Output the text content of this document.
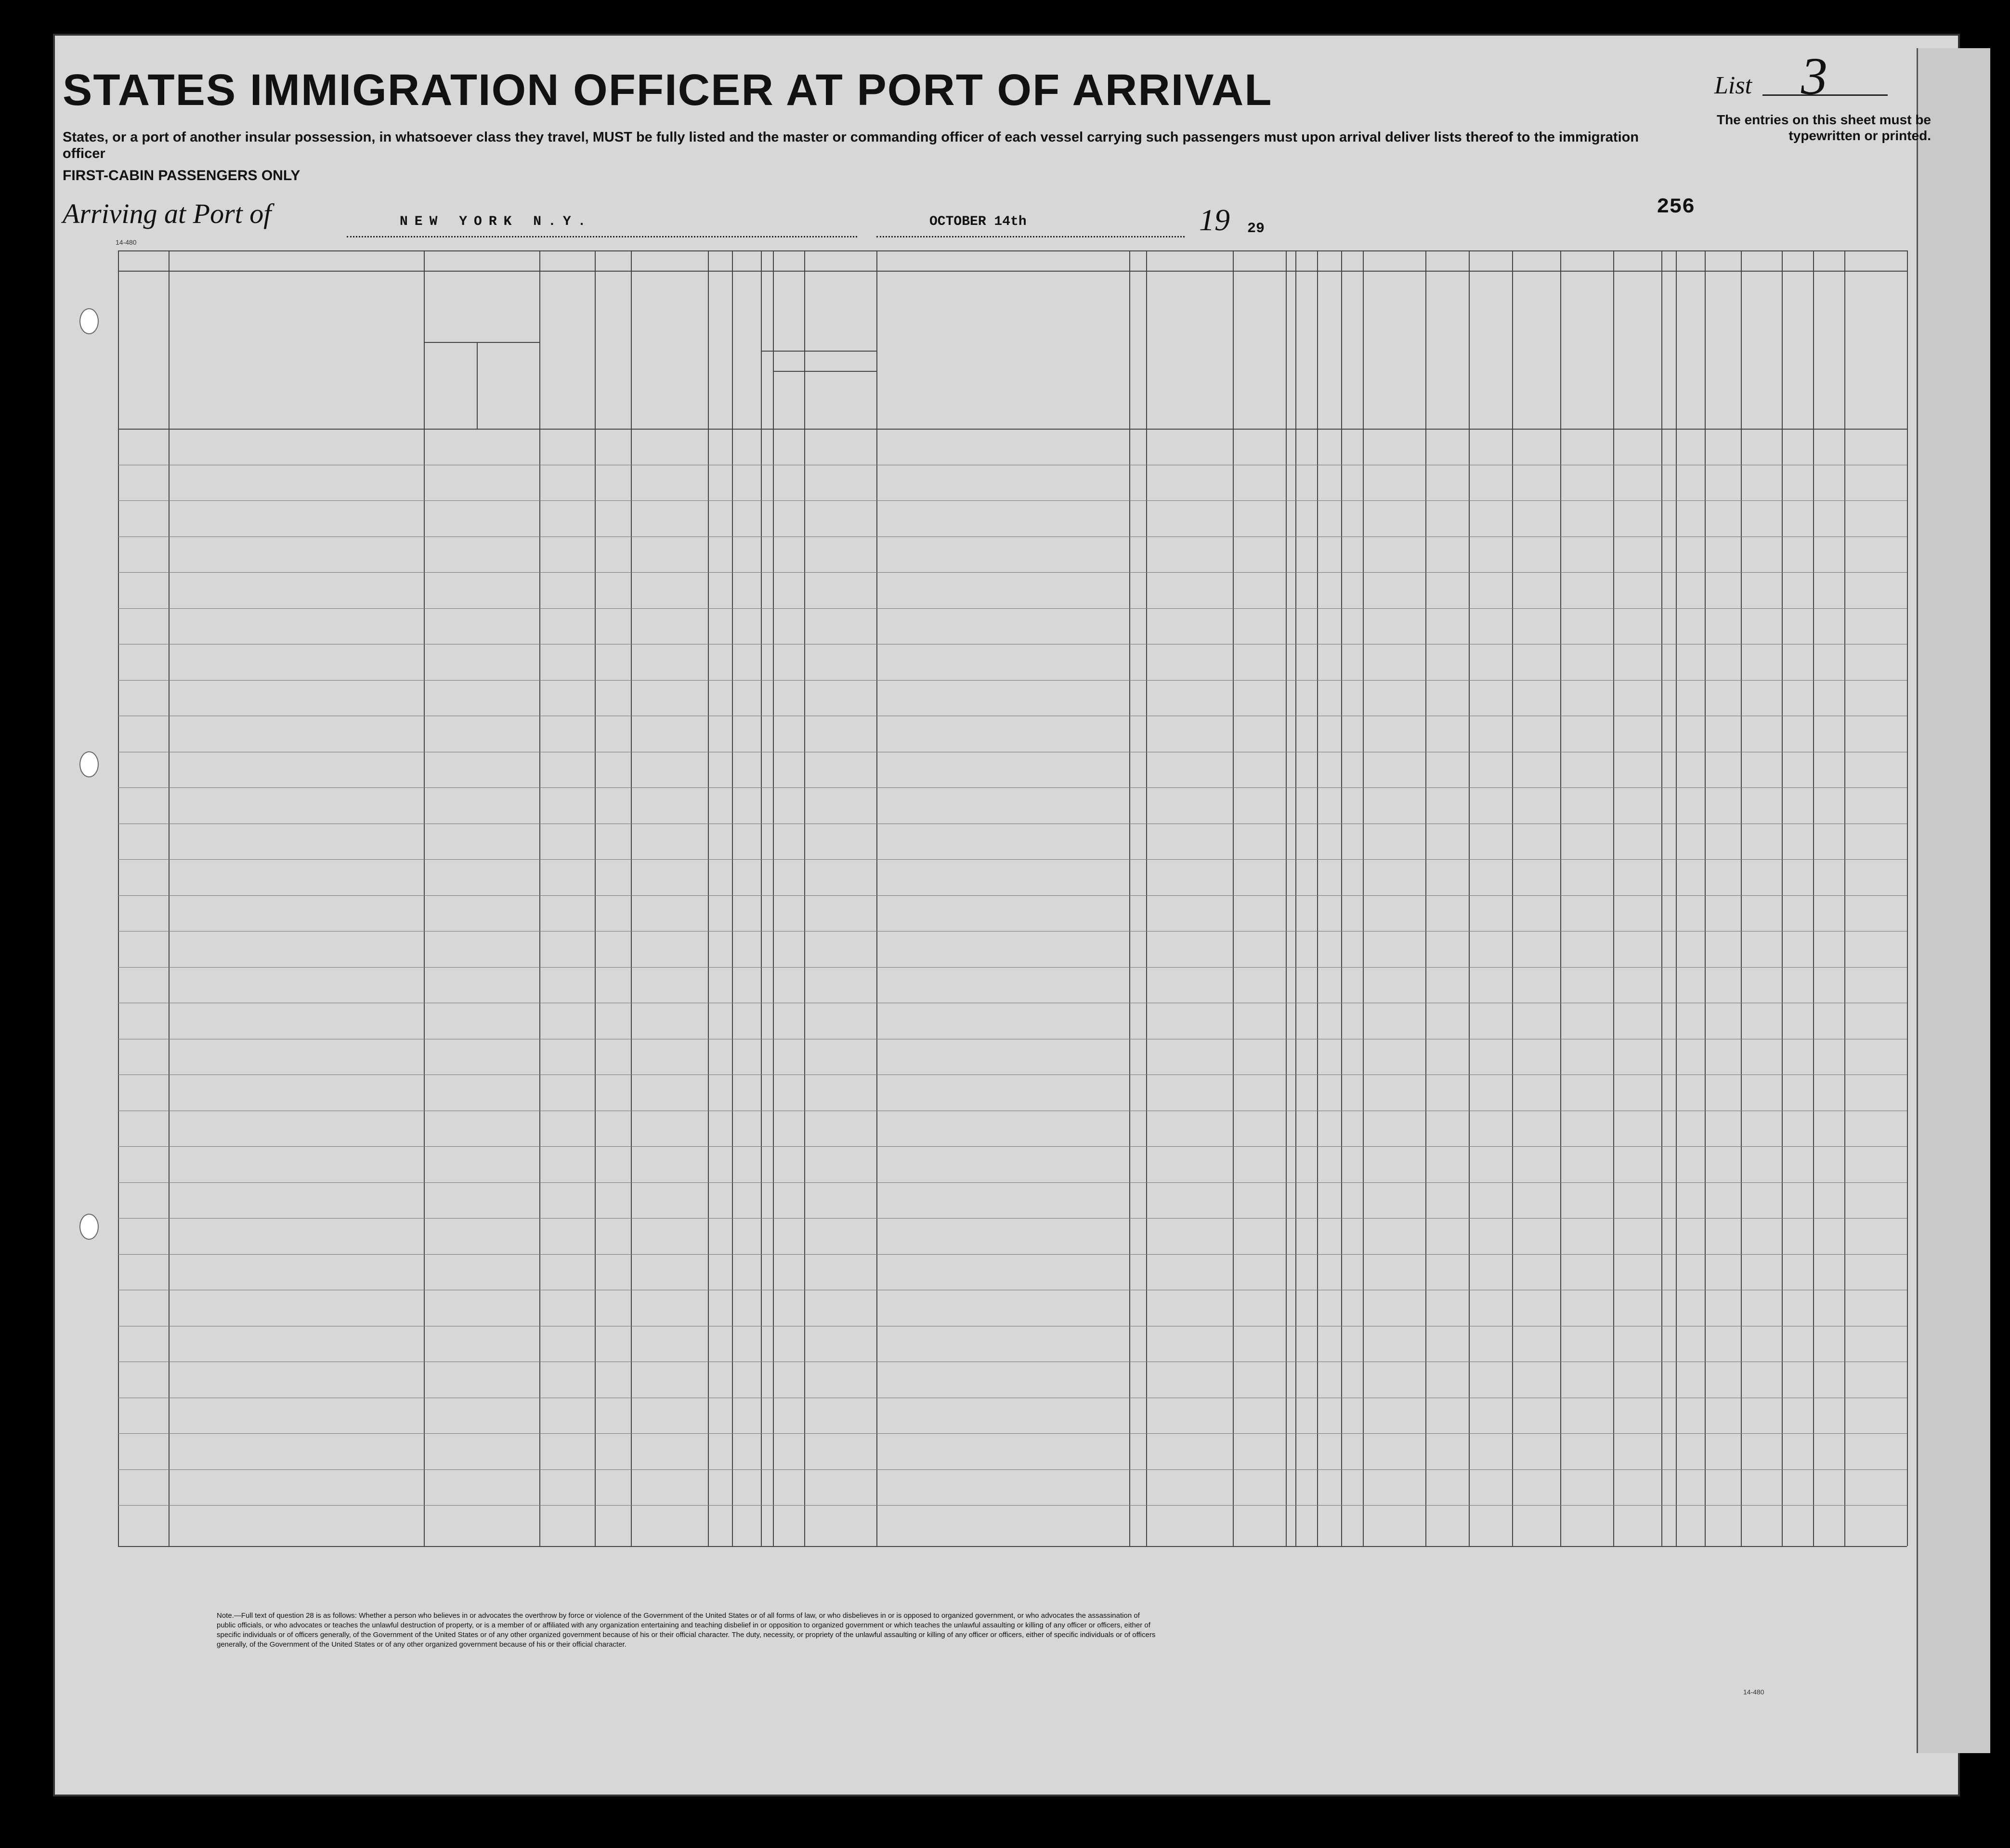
STATES IMMIGRATION OFFICER AT PORT OF ARRIVAL
States, or a port of another insular possession, in whatsoever class they travel, MUST be fully listed and the master or commanding officer of each vessel carrying such passengers must upon arrival deliver lists thereof to the immigration officer
FIRST-CABIN PASSENGERS ONLY
Arriving at Port of	NEW YORK N.Y.	OCTOBER 14th	19 29
List 3
The entries on this sheet must be typewritten or printed.
256
14-480
14-480
Note.—Full text of question 28 is as follows: Whether a person who believes in or advocates the overthrow by force or violence of the Government of the United States or of all forms of law, or who disbelieves in or is opposed to organized government, or who advocates the assassination of public officials, or who advocates or teaches the unlawful destruction of property, or is a member of or affiliated with any organization entertaining and teaching disbelief in or opposition to organized government or which teaches the unlawful assaulting or killing of any officer or officers, either of specific individuals or of officers generally, of the Government of the United States or of any other organized government because of his or their official character. The duty, necessity, or propriety of the unlawful assaulting or killing of any officer or officers, either of specific individuals or of officers generally, of the Government of the United States or of any other organized government because of his or their official character.
